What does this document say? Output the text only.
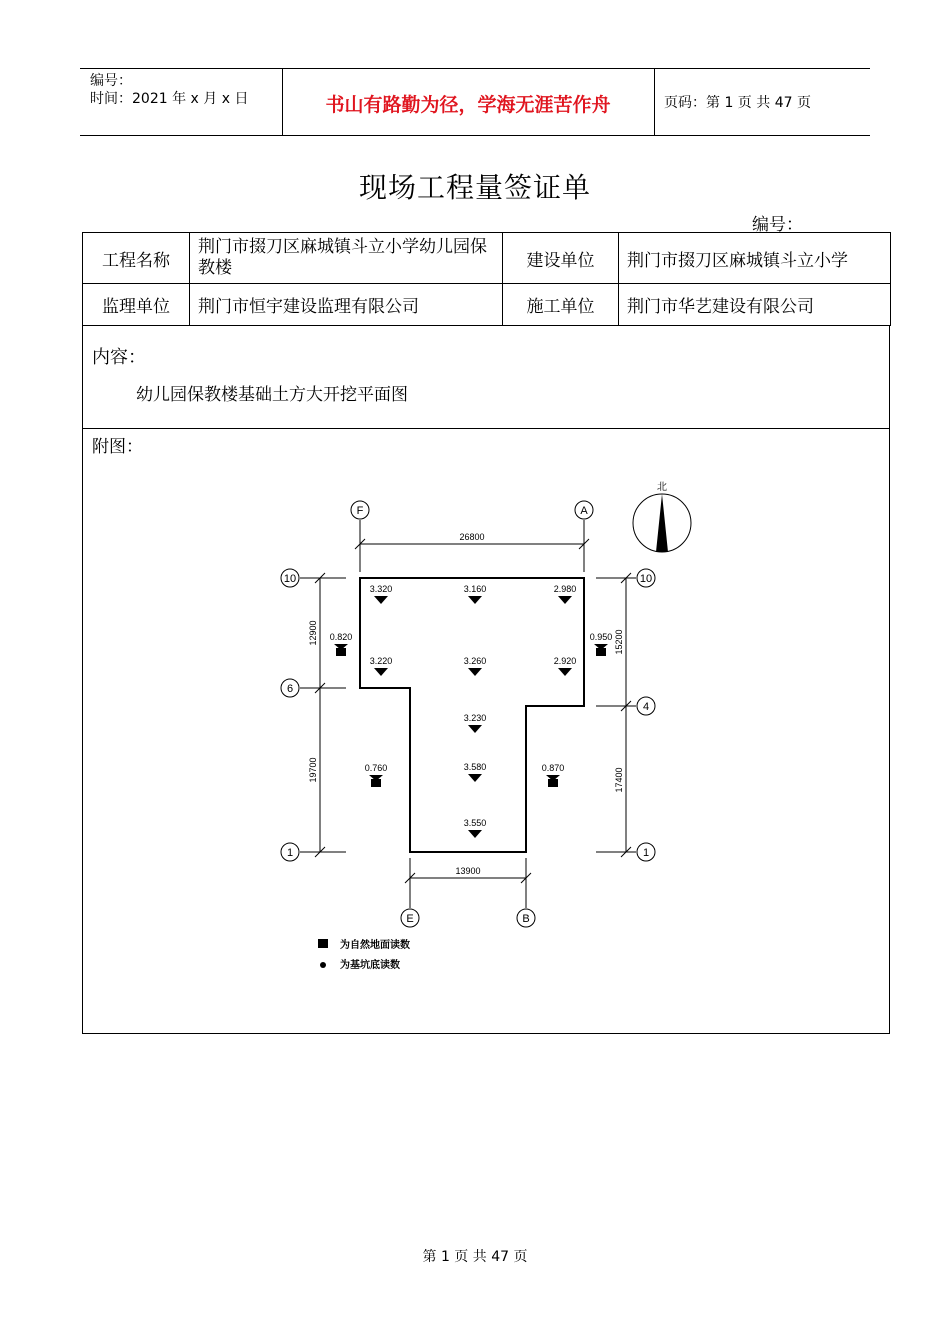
编号：
时间：2021 年 x 月 x 日	书山有路勤为径，学海无涯苦作舟	页码：第 1 页 共 47 页
现场工程量签证单
编号：
工程名称	荆门市掇刀区麻城镇斗立小学幼儿园保教楼	建设单位	荆门市掇刀区麻城镇斗立小学
监理单位	荆门市恒宇建设监理有限公司	施工单位	荆门市华艺建设有限公司
内容：
幼儿园保教楼基础土方大开挖平面图
附图：
北
F	A
E	B
10
6
1
10
4
1
26800
13900
12900
19700
15200
17400
3.320	3.160	2.980
3.220	3.260	2.920
3.230
3.580
3.550
0.820	0.950
0.760	0.870
为自然地面读数
为基坑底读数
第 1 页 共 47 页
